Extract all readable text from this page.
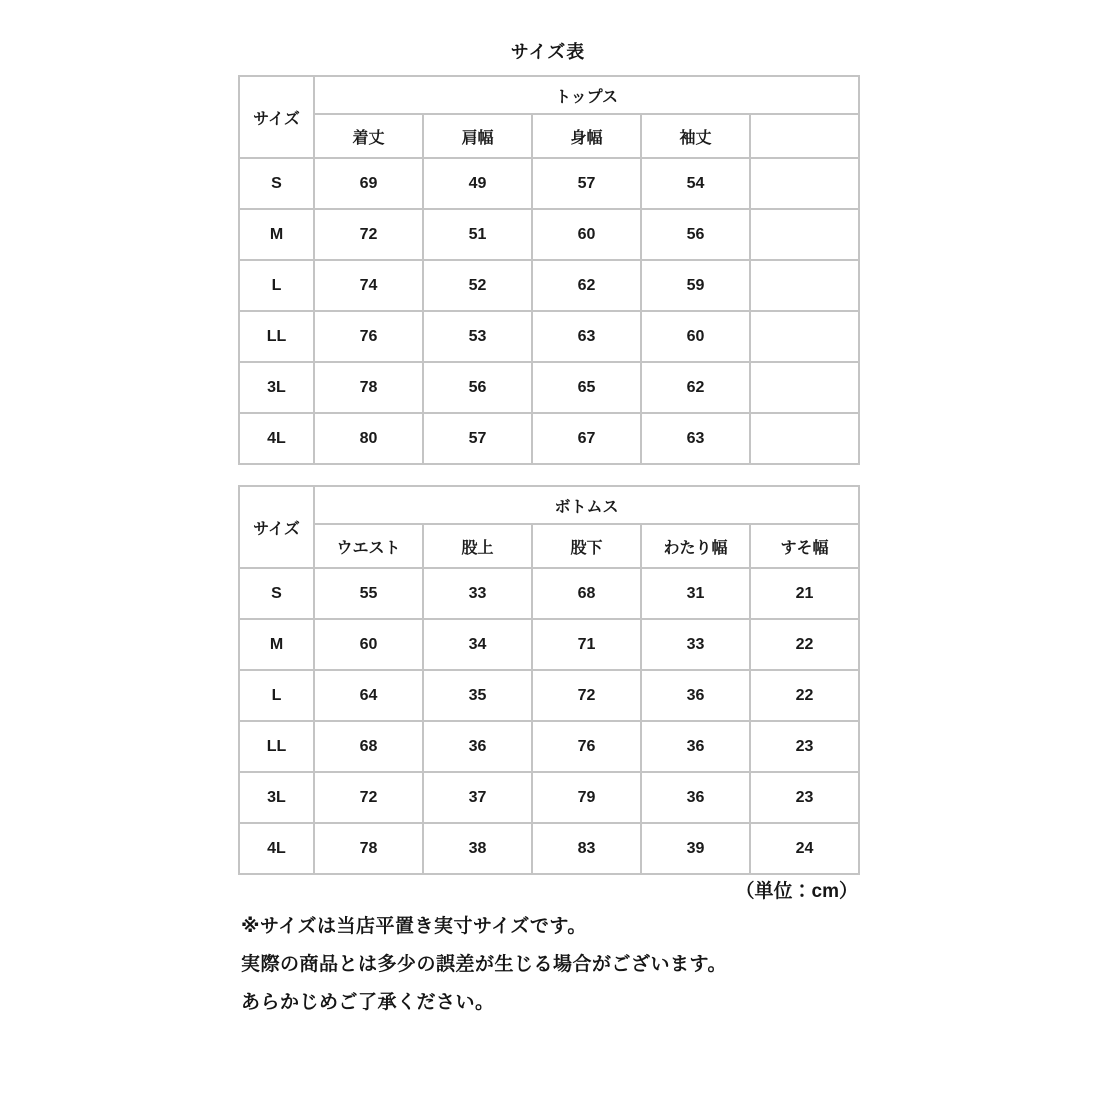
サイズ表
サイズ	トップス				
	着丈	肩幅	身幅	袖丈	
S	69	49	57	54	
M	72	51	60	56	
L	74	52	62	59	
LL	76	53	63	60	
3L	78	56	65	62	
4L	80	57	67	63	
サイズ	ボトムス				
	ウエスト	股上	股下	わたり幅	すそ幅
S	55	33	68	31	21
M	60	34	71	33	22
L	64	35	72	36	22
LL	68	36	76	36	23
3L	72	37	79	36	23
4L	78	38	83	39	24
（単位：cm）
※サイズは当店平置き実寸サイズです。
実際の商品とは多少の誤差が生じる場合がございます。
あらかじめご了承ください。
